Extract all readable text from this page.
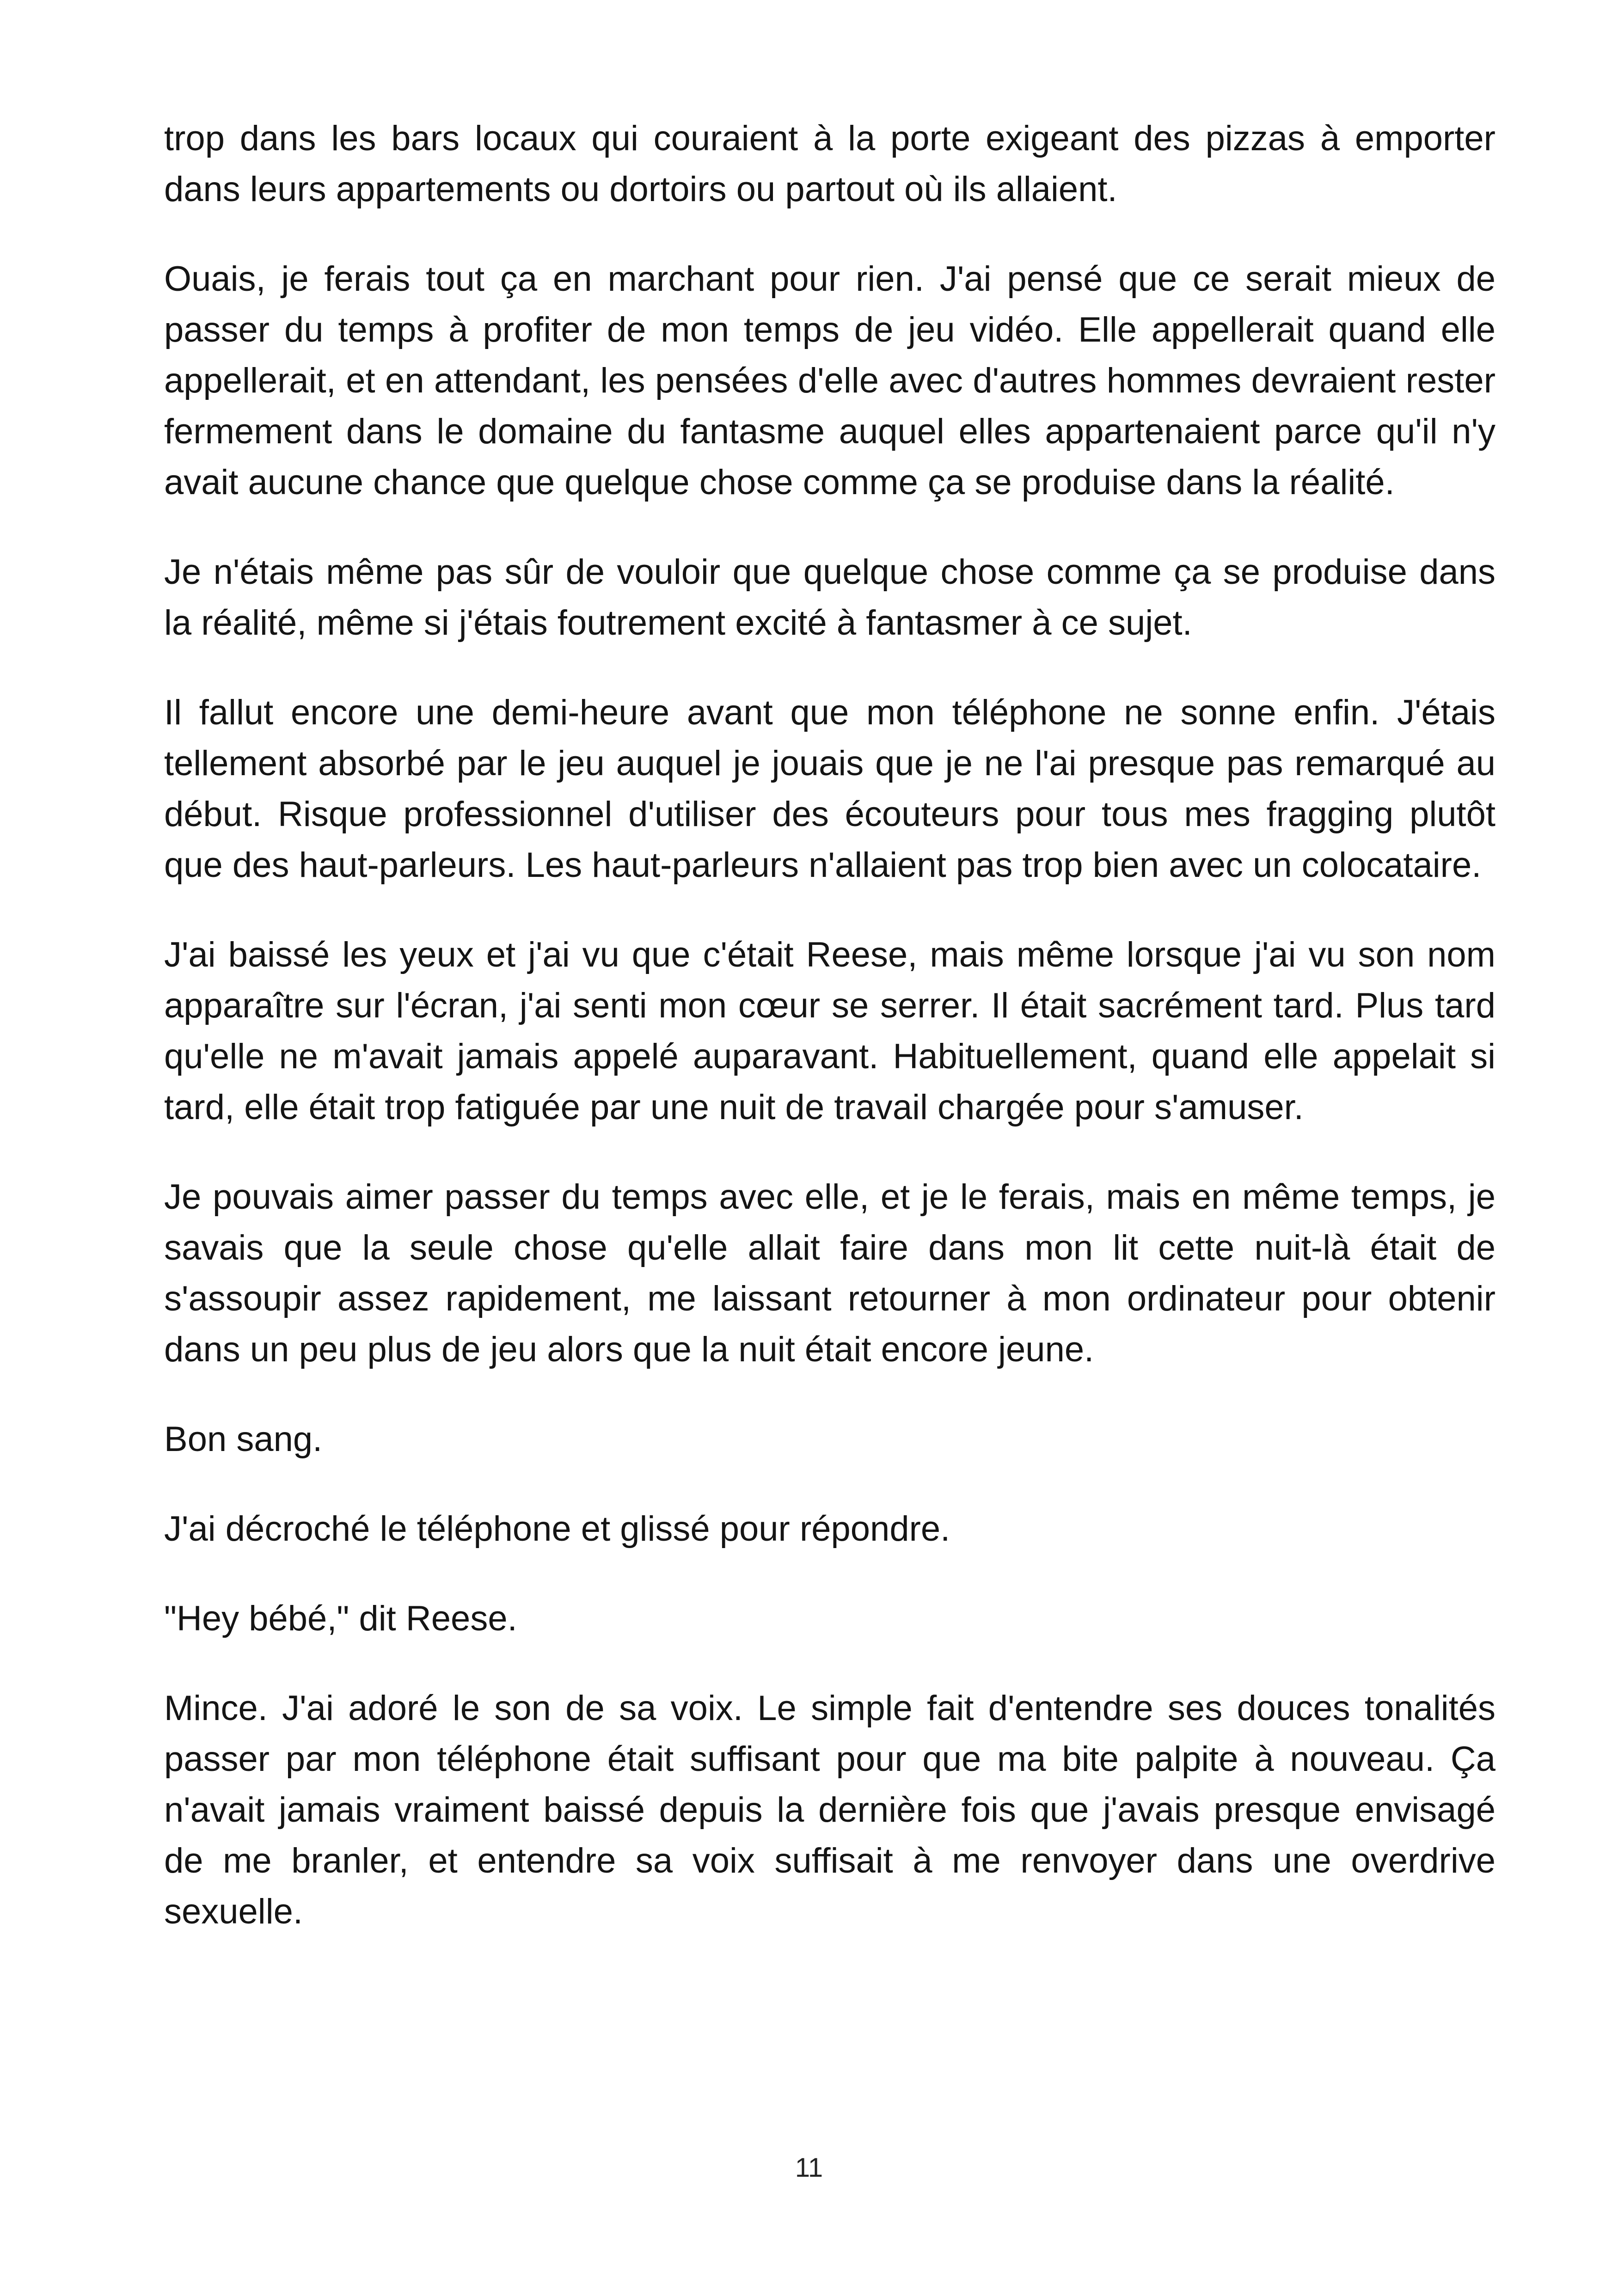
trop dans les bars locaux qui couraient à la porte exigeant des pizzas à emporter dans leurs appartements ou dortoirs ou partout où ils allaient.

Ouais, je ferais tout ça en marchant pour rien. J'ai pensé que ce serait mieux de passer du temps à profiter de mon temps de jeu vidéo. Elle appellerait quand elle appellerait, et en attendant, les pensées d'elle avec d'autres hommes devraient rester fermement dans le domaine du fantasme auquel elles appartenaient parce qu'il n'y avait aucune chance que quelque chose comme ça se produise dans la réalité.

Je n'étais même pas sûr de vouloir que quelque chose comme ça se produise dans la réalité, même si j'étais foutrement excité à fantasmer à ce sujet.

Il fallut encore une demi-heure avant que mon téléphone ne sonne enfin. J'étais tellement absorbé par le jeu auquel je jouais que je ne l'ai presque pas remarqué au début. Risque professionnel d'utiliser des écouteurs pour tous mes fragging plutôt que des haut-parleurs. Les haut-parleurs n'allaient pas trop bien avec un colocataire.

J'ai baissé les yeux et j'ai vu que c'était Reese, mais même lorsque j'ai vu son nom apparaître sur l'écran, j'ai senti mon cœur se serrer. Il était sacrément tard. Plus tard qu'elle ne m'avait jamais appelé auparavant. Habituellement, quand elle appelait si tard, elle était trop fatiguée par une nuit de travail chargée pour s'amuser.

Je pouvais aimer passer du temps avec elle, et je le ferais, mais en même temps, je savais que la seule chose qu'elle allait faire dans mon lit cette nuit-là était de s'assoupir assez rapidement, me laissant retourner à mon ordinateur pour obtenir dans un peu plus de jeu alors que la nuit était encore jeune.

Bon sang.

J'ai décroché le téléphone et glissé pour répondre.

"Hey bébé," dit Reese.

Mince. J'ai adoré le son de sa voix. Le simple fait d'entendre ses douces tonalités passer par mon téléphone était suffisant pour que ma bite palpite à nouveau. Ça n'avait jamais vraiment baissé depuis la dernière fois que j'avais presque envisagé de me branler, et entendre sa voix suffisait à me renvoyer dans une overdrive sexuelle.

11
